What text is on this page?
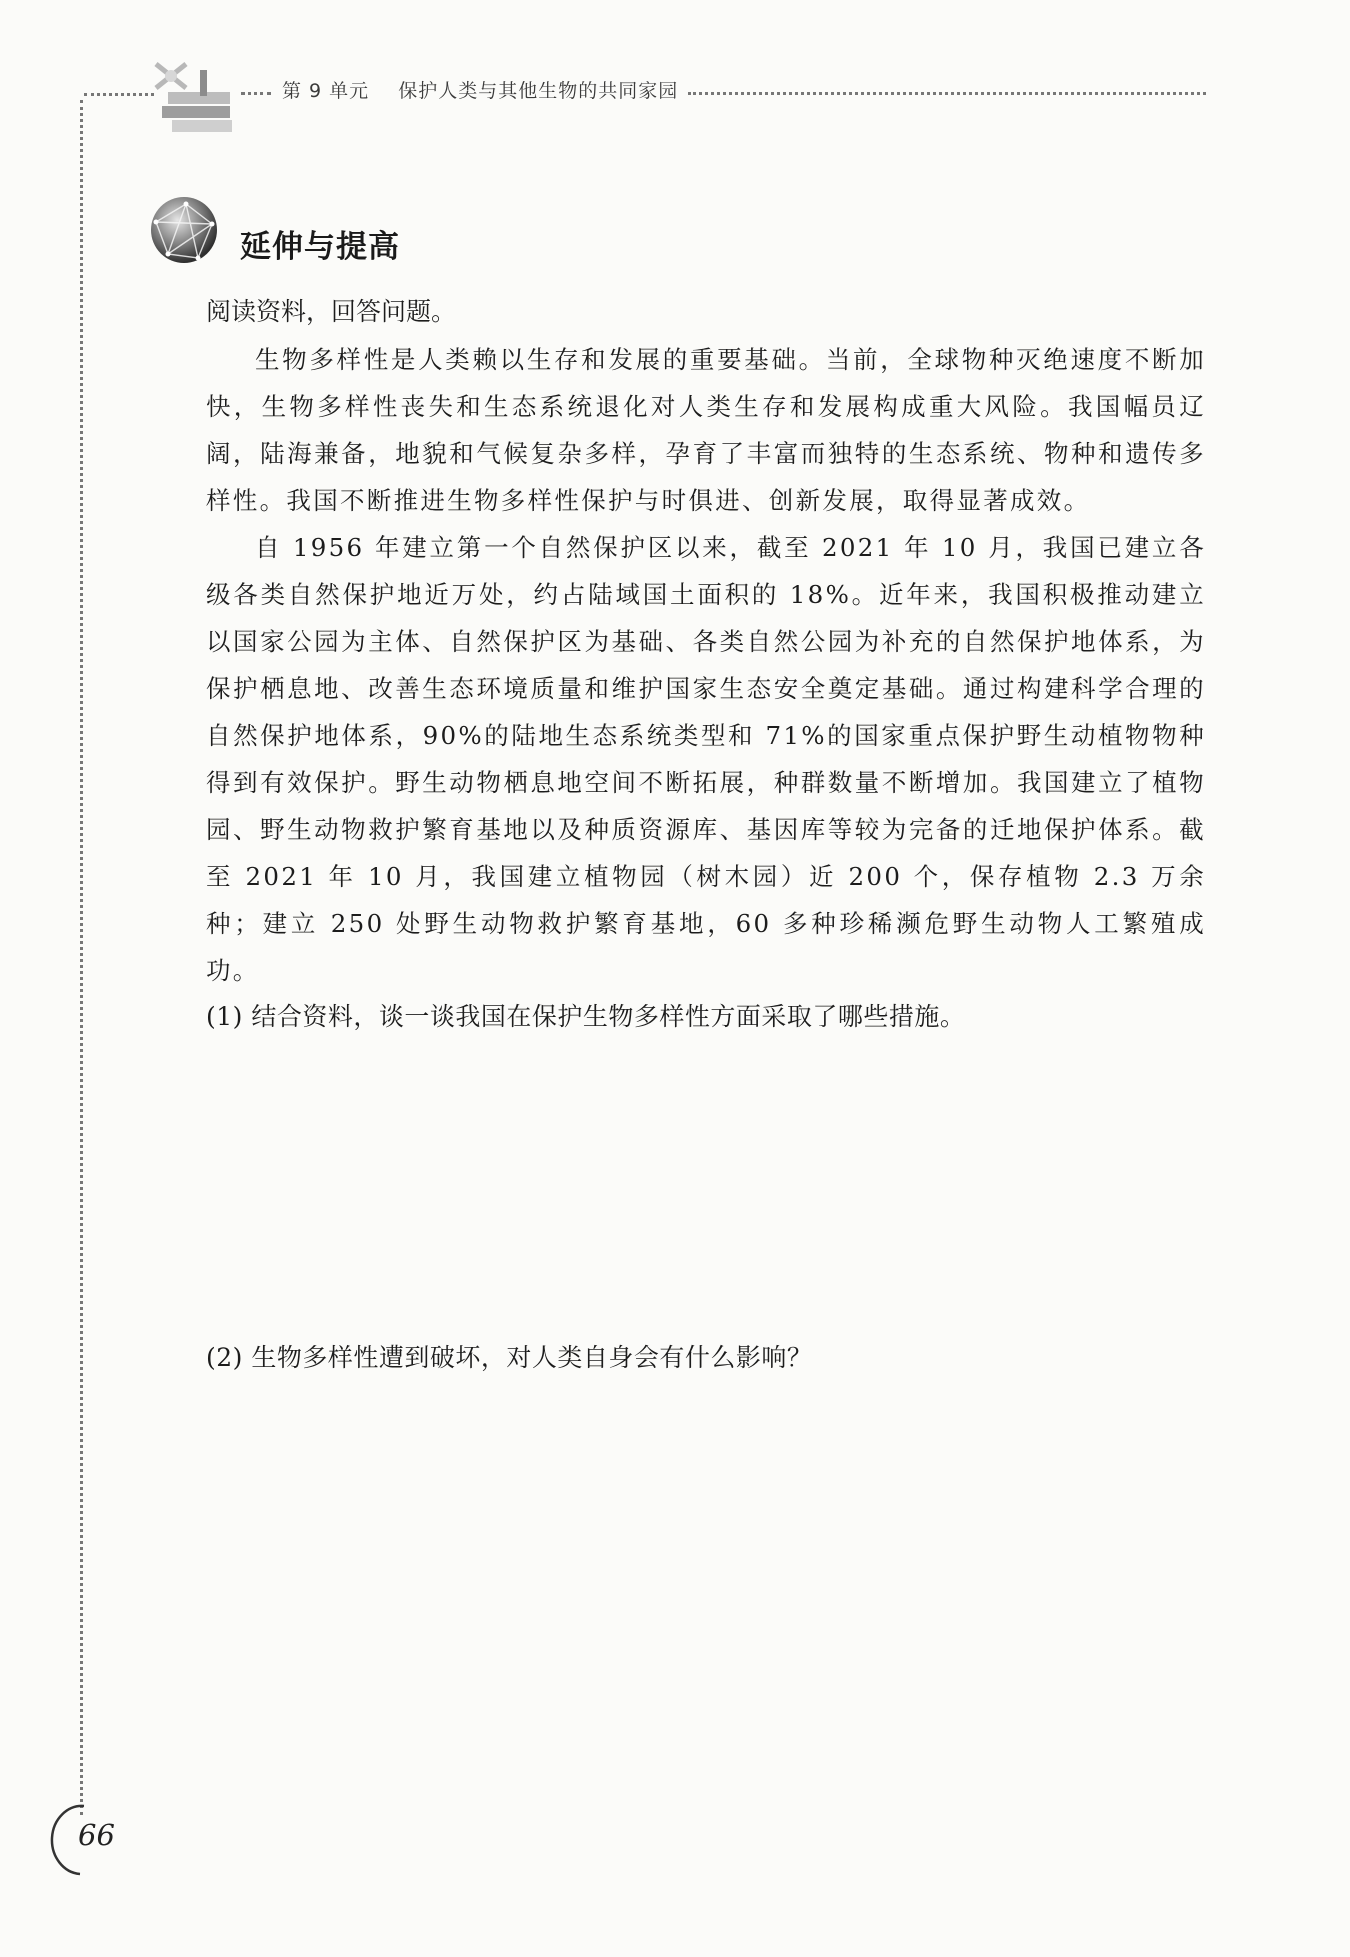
第 9 单元 保护人类与其他生物的共同家园
延伸与提高

阅读资料，回答问题。

生物多样性是人类赖以生存和发展的重要基础。当前，全球物种灭绝速度不断加快，生物多样性丧失和生态系统退化对人类生存和发展构成重大风险。我国幅员辽阔，陆海兼备，地貌和气候复杂多样，孕育了丰富而独特的生态系统、物种和遗传多样性。我国不断推进生物多样性保护与时俱进、创新发展，取得显著成效。

自 1956 年建立第一个自然保护区以来，截至 2021 年 10 月，我国已建立各级各类自然保护地近万处，约占陆域国土面积的 18%。近年来，我国积极推动建立以国家公园为主体、自然保护区为基础、各类自然公园为补充的自然保护地体系，为保护栖息地、改善生态环境质量和维护国家生态安全奠定基础。通过构建科学合理的自然保护地体系，90%的陆地生态系统类型和 71%的国家重点保护野生动植物物种得到有效保护。野生动物栖息地空间不断拓展，种群数量不断增加。我国建立了植物园、野生动物救护繁育基地以及种质资源库、基因库等较为完备的迁地保护体系。截至 2021 年 10 月，我国建立植物园（树木园）近 200 个，保存植物 2.3 万余种；建立 250 处野生动物救护繁育基地，60 多种珍稀濒危野生动物人工繁殖成功。

(1) 结合资料，谈一谈我国在保护生物多样性方面采取了哪些措施。

(2) 生物多样性遭到破坏，对人类自身会有什么影响？
66
